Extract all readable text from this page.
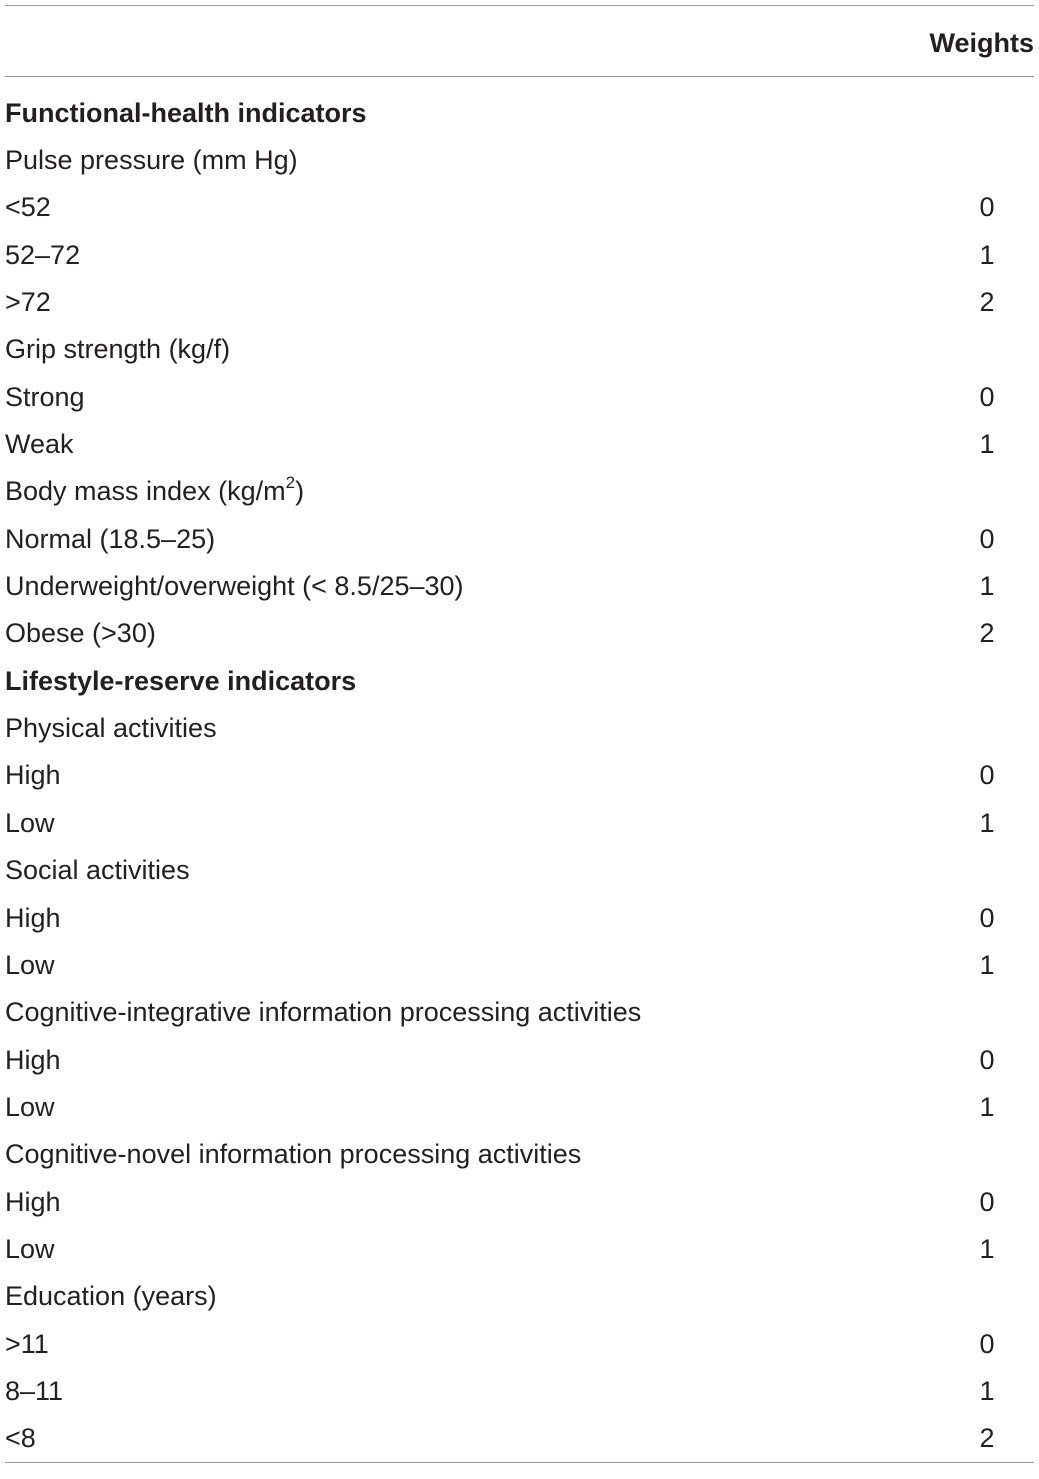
Weights
Functional-health indicators
Pulse pressure (mm Hg)
<52	0
52–72	1
>72	2
Grip strength (kg/f)
Strong	0
Weak	1
Body mass index $(kg/m^2)$
Normal (18.5–25)	0
Underweight/overweight (< 8.5/25–30)	1
Obese (>30)	2
Lifestyle-reserve indicators
Physical activities
High	0
Low	1
Social activities
High	0
Low	1
Cognitive-integrative information processing activities
High	0
Low	1
Cognitive-novel information processing activities
High	0
Low	1
Education (years)
>11	0
8–11	1
<8	2
